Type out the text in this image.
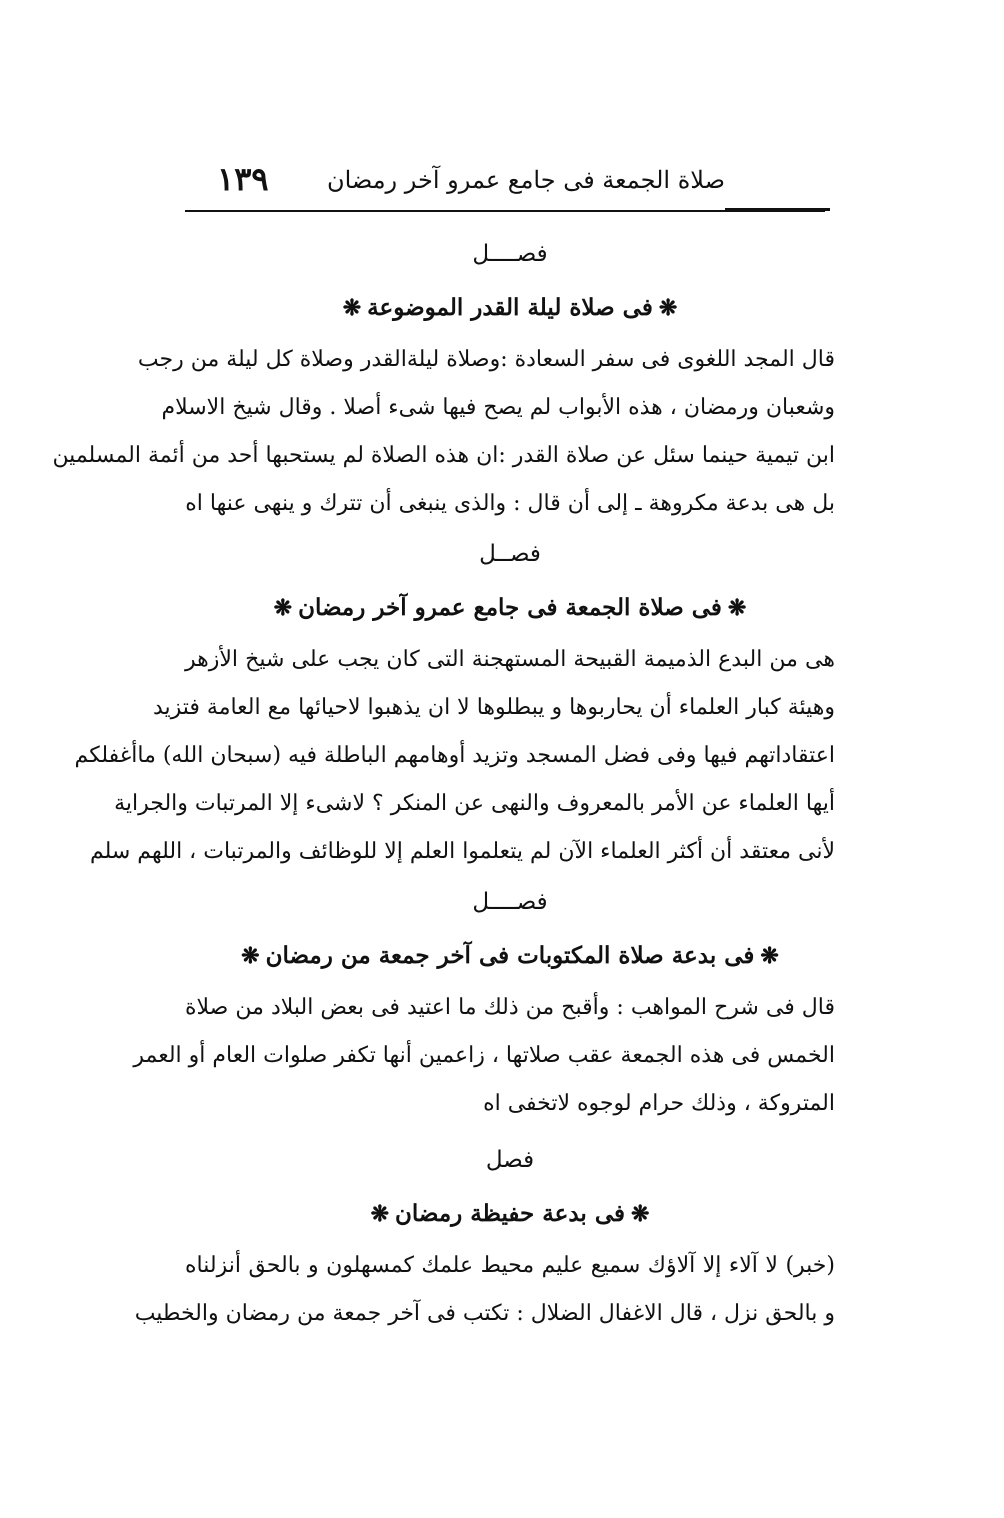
صلاة الجمعة فى جامع عمرو آخر رمضان
١٣٩
فصــــل
❋فى صلاة ليلة القدر الموضوعة❋
قال المجد اللغوى فى سفر السعادة :وصلاة ليلةالقدر وصلاة كل ليلة من رجب
وشعبان ورمضان ، هذه الأبواب لم يصح فيها شىء أصلا . وقال شيخ الاسلام
ابن تيمية حينما سئل عن صلاة القدر :ان هذه الصلاة لم يستحبها أحد من أئمة المسلمين
بل هى بدعة مكروهة ـ إلى أن قال : والذى ينبغى أن تترك و ينهى عنها اه
فصــل
❋فى صلاة الجمعة فى جامع عمرو آخر رمضان❋
هى من البدع الذميمة القبيحة المستهجنة التى كان يجب على شيخ الأزهر
وهيئة كبار العلماء أن يحاربوها و يبطلوها لا ان يذهبوا لاحيائها مع العامة فتزيد
اعتقاداتهم فيها وفى فضل المسجد وتزيد أوهامهم الباطلة فيه (سبحان الله) ماأغفلكم
أيها العلماء عن الأمر بالمعروف والنهى عن المنكر ؟ لاشىء إلا المرتبات والجراية
لأنى معتقد أن أكثر العلماء الآن لم يتعلموا العلم إلا للوظائف والمرتبات ، اللهم سلم
فصــــل
❋فى بدعة صلاة المكتوبات فى آخر جمعة من رمضان❋
قال فى شرح المواهب : وأقبح من ذلك ما اعتيد فى بعض البلاد من صلاة
الخمس فى هذه الجمعة عقب صلاتها ، زاعمين أنها تكفر صلوات العام أو العمر
المتروكة ، وذلك حرام لوجوه لاتخفى اه
فصل
❋فى بدعة حفيظة رمضان❋
(خبر) لا آلاء إلا آلاؤك سميع عليم محيط علمك كمسهلون و بالحق أنزلناه
و بالحق نزل ، قال الاغفال الضلال : تكتب فى آخر جمعة من رمضان والخطيب
